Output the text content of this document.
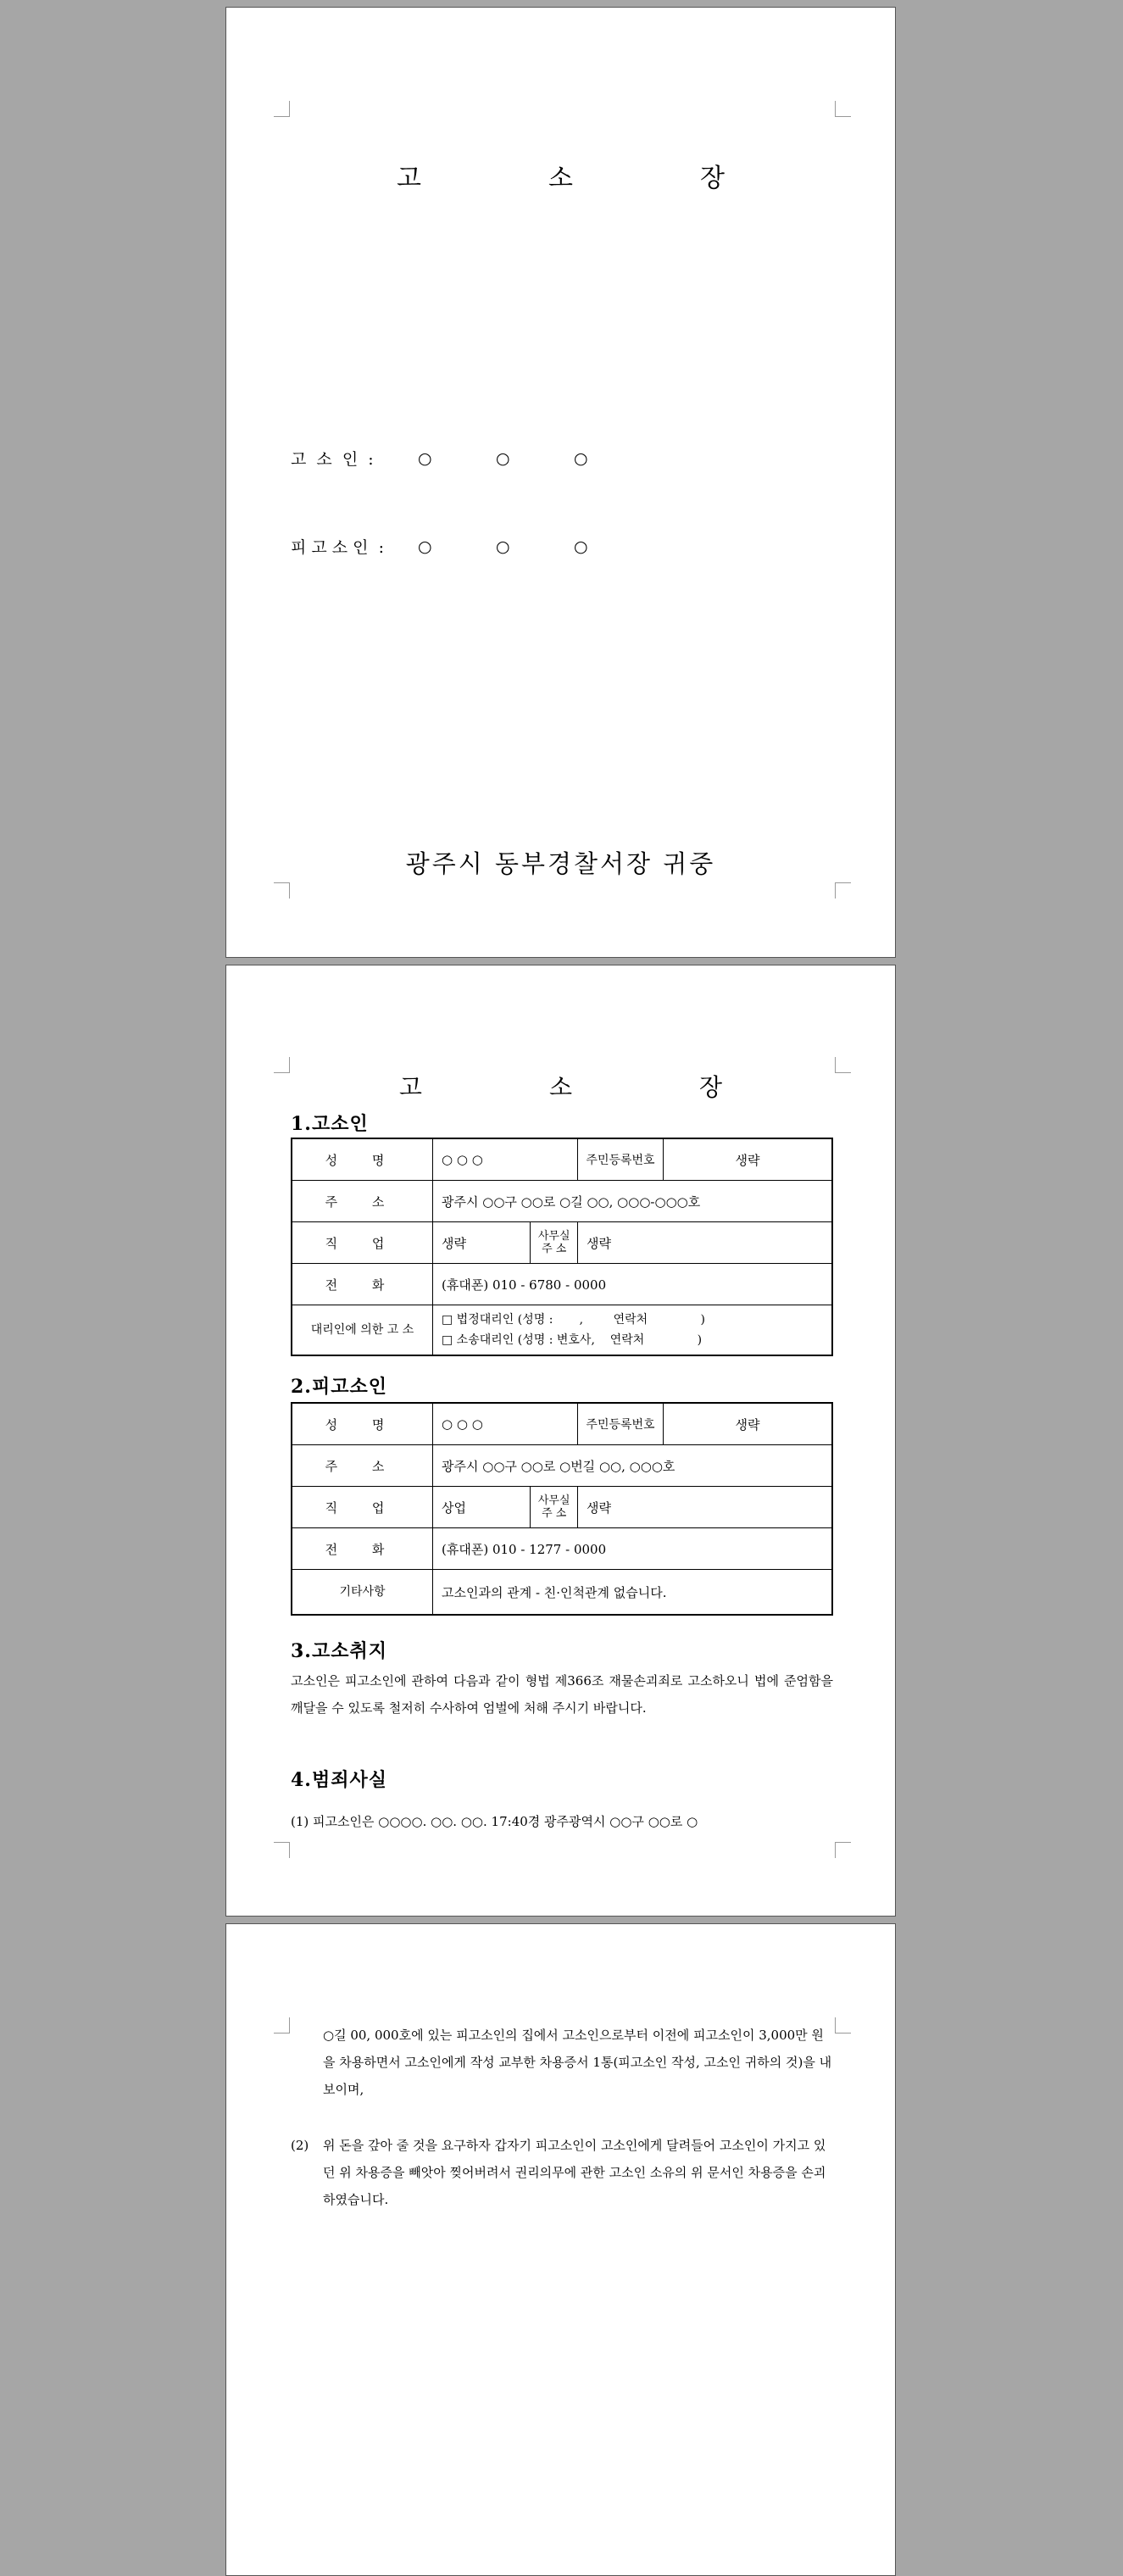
고	소	장
고  소  인  :	○	○	○
피 고 소 인  :	○	○	○
광주시 동부경찰서장 귀중
고	소	장
1.고소인
성 명	○ ○ ○		주민등록번호	생략
주 소	광주시 ○○구 ○○로 ○길 ○○, ○○○-○○○호			
직 업	생략	사무실 주 소	생략	
전 화	(휴대폰) 010 - 6780 - 0000			
대리인에 의한 고 소	□ 법정대리인 (성명 :       ,        연락처              )
□ 소송대리인 (성명 : 변호사,    연락처              )			
2.피고소인
성 명	○ ○ ○		주민등록번호	생략
주 소	광주시 ○○구 ○○로 ○번길 ○○, ○○○호			
직 업	상업	사무실 주 소	생략	
전 화	(휴대폰) 010 - 1277 - 0000			
기타사항	고소인과의 관계 - 친·인척관계 없습니다.			
3.고소취지
고소인은 피고소인에 관하여 다음과 같이 형법 제366조 재물손괴죄로 고소하오니 법에 준엄함을 깨달을 수 있도록 철저히 수사하여 엄벌에 처해 주시기 바랍니다.
4.범죄사실
(1) 피고소인은 ○○○○. ○○. ○○. 17:40경 광주광역시 ○○구 ○○로 ○
○길 00, 000호에 있는 피고소인의 집에서 고소인으로부터 이전에 피고소인이 3,000만 원을 차용하면서 고소인에게 작성 교부한 차용증서 1통(피고소인 작성, 고소인 귀하의 것)을 내보이며,
(2)	위 돈을 갚아 줄 것을 요구하자 갑자기 피고소인이 고소인에게 달려들어 고소인이 가지고 있던 위 차용증을 빼앗아 찢어버려서 권리의무에 관한 고소인 소유의 위 문서인 차용증을 손괴하였습니다.
